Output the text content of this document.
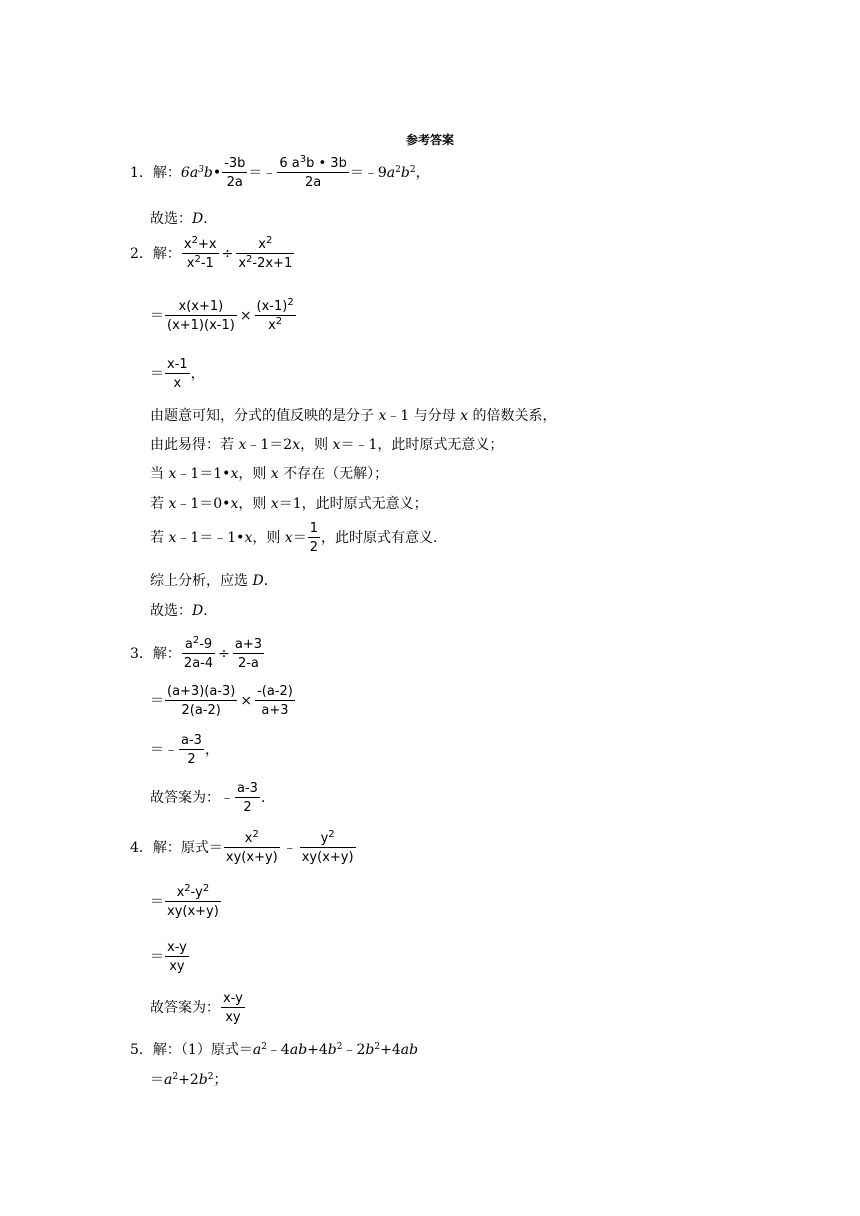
参考答案
1．解：$6a^3b• \frac{-3b}{2a}$ ＝﹣ $\frac{6 a^3b • 3b}{2a}$ $=﹣9a^2b^2$，
故选：D．
2．解： $\frac{x^2+x}{x^2-1} \div \frac{x^2}{x^2-2x+1}$
＝ $\frac{x(x+1)}{(x+1)(x-1)} \times \frac{(x-1)^2}{x^2}$
＝ $\frac{x-1}{x}$ ，
由题意可知，分式的值反映的是分子 x﹣1 与分母 x 的倍数关系，
由此易得：若 x﹣1＝2x，则 x＝﹣1，此时原式无意义；
当 x﹣1＝1•x，则 x 不存在（无解）；
若 x﹣1＝0•x，则 x＝1，此时原式无意义；
若 x﹣1＝﹣1•x，则 $x= \frac{1}{2}$ ，此时原式有意义．
综上分析，应选 D．
故选：D．
3．解： $\frac{a^2-9}{2a-4} \div \frac{a+3}{2-a}$
＝ $\frac{(a+3)(a-3)}{2(a-2)} \times \frac{-(a-2)}{a+3}$
＝﹣ $\frac{a-3}{2}$ ，
故答案为：﹣ $\frac{a-3}{2}$ ．
4．解：原式＝ $\frac{x^2}{xy(x+y)}$ ﹣ $\frac{y^2}{xy(x+y)}$
＝ $\frac{x^2-y^2}{xy(x+y)}$
＝ $\frac{x-y}{xy}$
故答案为： $\frac{x-y}{xy}$
5．解：（1）原式$=a^2﹣4ab+4b^2﹣2b^2+4ab$
$=a^2+2b^2$；
